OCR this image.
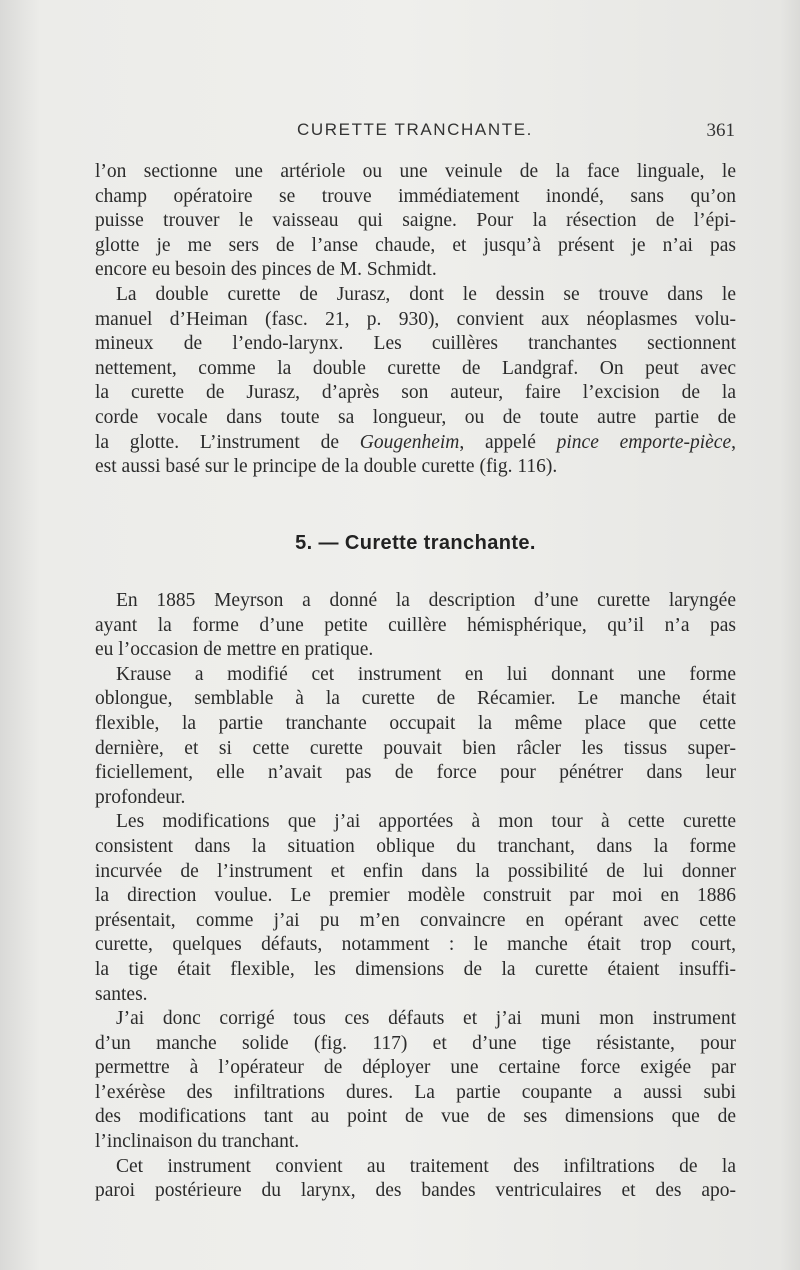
CURETTE TRANCHANTE.	361
l’on sectionne une artériole ou une veinule de la face linguale, le
champ opératoire se trouve immédiatement inondé, sans qu’on
puisse trouver le vaisseau qui saigne. Pour la résection de l’épi-
glotte je me sers de l’anse chaude, et jusqu’à présent je n’ai pas
encore eu besoin des pinces de M. Schmidt.
La double curette de Jurasz, dont le dessin se trouve dans le
manuel d’Heiman (fasc. 21, p. 930), convient aux néoplasmes volu-
mineux de l’endo-larynx. Les cuillères tranchantes sectionnent
nettement, comme la double curette de Landgraf. On peut avec
la curette de Jurasz, d’après son auteur, faire l’excision de la
corde vocale dans toute sa longueur, ou de toute autre partie de
la glotte. L’instrument de Gougenheim, appelé pince emporte-pièce,
est aussi basé sur le principe de la double curette (fig. 116).
5. — Curette tranchante.
En 1885 Meyrson a donné la description d’une curette laryngée
ayant la forme d’une petite cuillère hémisphérique, qu’il n’a pas
eu l’occasion de mettre en pratique.
Krause a modifié cet instrument en lui donnant une forme
oblongue, semblable à la curette de Récamier. Le manche était
flexible, la partie tranchante occupait la même place que cette
dernière, et si cette curette pouvait bien râcler les tissus super-
ficiellement, elle n’avait pas de force pour pénétrer dans leur
profondeur.
Les modifications que j’ai apportées à mon tour à cette curette
consistent dans la situation oblique du tranchant, dans la forme
incurvée de l’instrument et enfin dans la possibilité de lui donner
la direction voulue. Le premier modèle construit par moi en 1886
présentait, comme j’ai pu m’en convaincre en opérant avec cette
curette, quelques défauts, notamment : le manche était trop court,
la tige était flexible, les dimensions de la curette étaient insuffi-
santes.
J’ai donc corrigé tous ces défauts et j’ai muni mon instrument
d’un manche solide (fig. 117) et d’une tige résistante, pour
permettre à l’opérateur de déployer une certaine force exigée par
l’exérèse des infiltrations dures. La partie coupante a aussi subi
des modifications tant au point de vue de ses dimensions que de
l’inclinaison du tranchant.
Cet instrument convient au traitement des infiltrations de la
paroi postérieure du larynx, des bandes ventriculaires et des apo-
